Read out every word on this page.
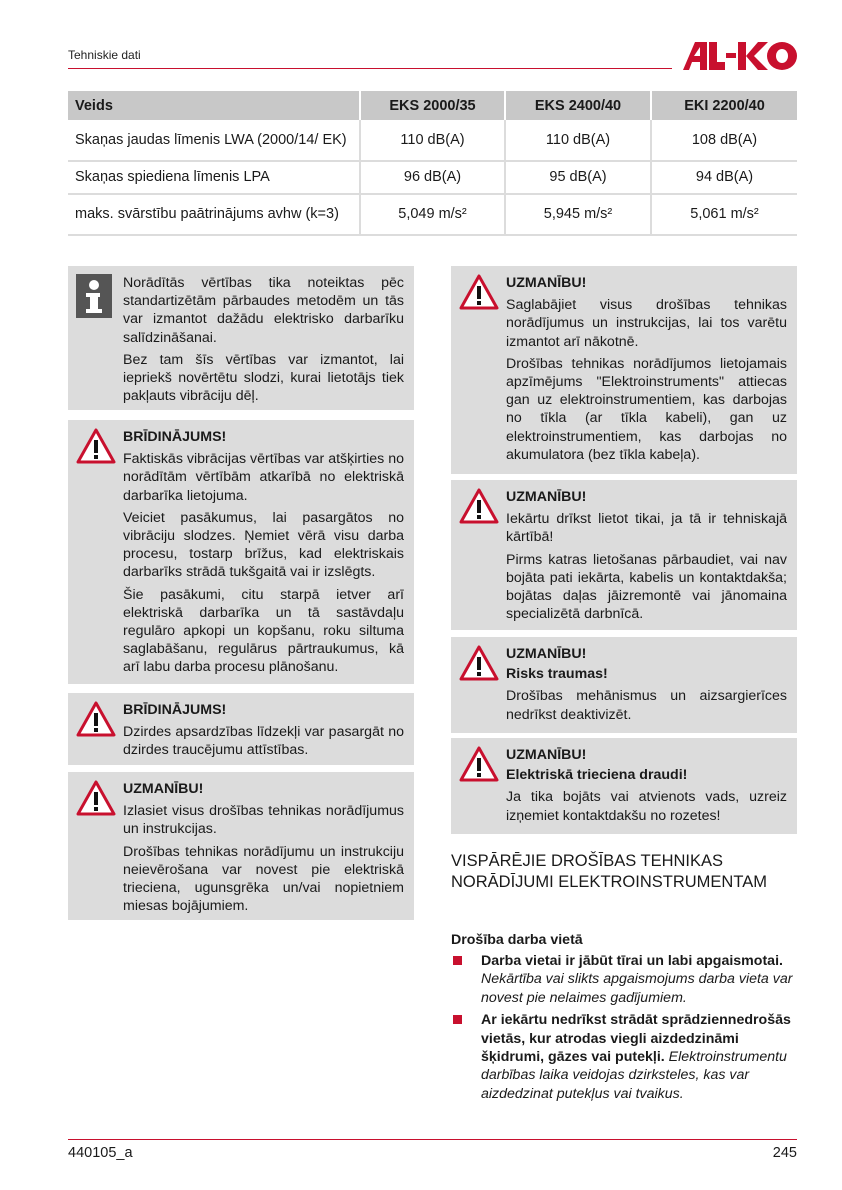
Tehniskie dati
Veids	EKS 2000/35	EKS 2400/40	EKI 2200/40
Skaņas jaudas līmenis LWA (2000/14/ EK)	110 dB(A)	110 dB(A)	108 dB(A)
Skaņas spiediena līmenis LPA	96 dB(A)	95 dB(A)	94 dB(A)
maks. svārstību paātrinājums avhw (k=3)	5,049 m/s²	5,945 m/s²	5,061 m/s²

Norādītās vērtības tika noteiktas pēc standartizētām pārbaudes metodēm un tās var izmantot dažādu elektrisko darbarīku salīdzināšanai.

Bez tam šīs vērtības var izmantot, lai iepriekš novērtētu slodzi, kurai lietotājs tiek pakļauts vibrāciju dēļ.

BRĪDINĀJUMS!

Faktiskās vibrācijas vērtības var atšķirties no norādītām vērtībām atkarībā no elektriskā darbarīka lietojuma.

Veiciet pasākumus, lai pasargātos no vibrāciju slodzes. Ņemiet vērā visu darba procesu, tostarp brīžus, kad elektriskais darbarīks strādā tukšgaitā vai ir izslēgts.

Šie pasākumi, citu starpā ietver arī elektriskā darbarīka un tā sastāvdaļu regulāro apkopi un kopšanu, roku siltuma saglabāšanu, regulārus pārtraukumus, kā arī labu darba procesu plānošanu.

BRĪDINĀJUMS!

Dzirdes apsardzības līdzekļi var pasargāt no dzirdes traucējumu attīstības.

UZMANĪBU!

Izlasiet visus drošības tehnikas norādījumus un instrukcijas.

Drošības tehnikas norādījumu un instrukciju neievērošana var novest pie elektriskā trieciena, ugunsgrēka un/vai nopietniem miesas bojājumiem.

UZMANĪBU!

Saglabājiet visus drošības tehnikas norādījumus un instrukcijas, lai tos varētu izmantot arī nākotnē.

Drošības tehnikas norādījumos lietojamais apzīmējums "Elektroinstruments" attiecas gan uz elektroinstrumentiem, kas darbojas no tīkla (ar tīkla kabeli), gan uz elektroinstrumentiem, kas darbojas no akumulatora (bez tīkla kabeļa).

UZMANĪBU!

Iekārtu drīkst lietot tikai, ja tā ir tehniskajā kārtībā!

Pirms katras lietošanas pārbaudiet, vai nav bojāta pati iekārta, kabelis un kontaktdakša; bojātas daļas jāizremontē vai jānomaina specializētā darbnīcā.

UZMANĪBU!

Risks traumas!

Drošības mehānismus un aizsargierīces nedrīkst deaktivizēt.

UZMANĪBU!

Elektriskā trieciena draudi!

Ja tika bojāts vai atvienots vads, uzreiz izņemiet kontaktdakšu no rozetes!

VISPĀRĒJIE DROŠĪBAS TEHNIKAS NORĀDĪJUMI ELEKTROINSTRUMENTAM
Drošība darba vietā
Darba vietai ir jābūt tīrai un labi apgaismotai. Nekārtība vai slikts apgaismojums darba vieta var novest pie nelaimes gadījumiem.
Ar iekārtu nedrīkst strādāt sprādziennedrošās vietās, kur atrodas viegli aizdedzināmi šķidrumi, gāzes vai putekļi. Elektroinstrumentu darbības laika veidojas dzirksteles, kas var aizdedzinat putekļus vai tvaikus.
440105_a	245
